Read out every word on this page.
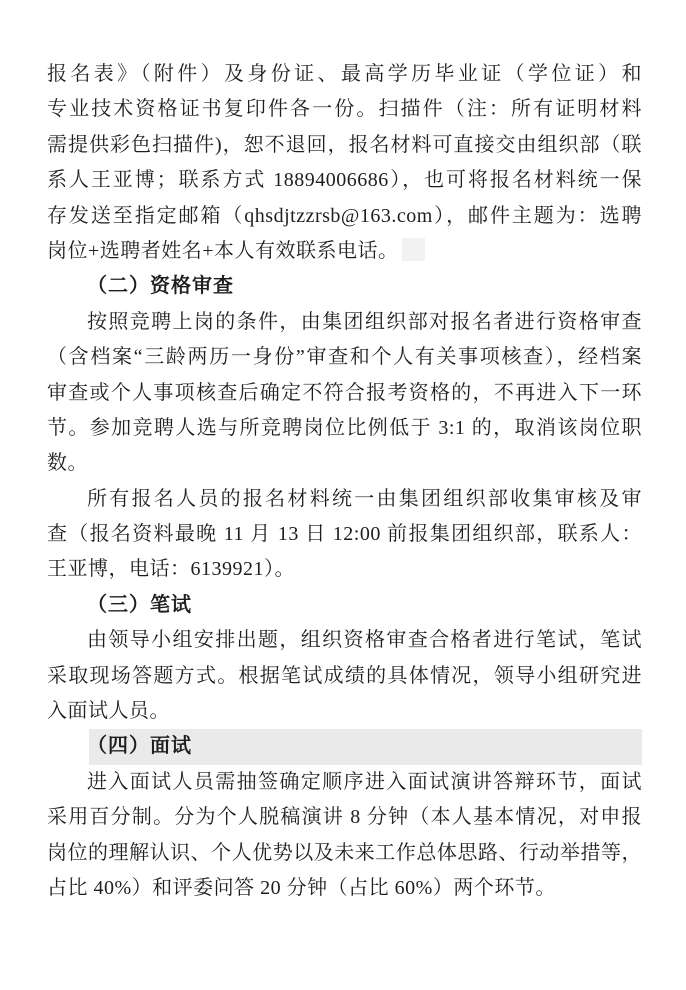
报名表》（附件）及身份证、最高学历毕业证（学位证）和
专业技术资格证书复印件各一份。扫描件（注：所有证明材料
需提供彩色扫描件)，恕不退回，报名材料可直接交由组织部（联
系人王亚博；联系方式 18894006686），也可将报名材料统一保
存发送至指定邮箱（qhsdjtzzrsb@163.com），邮件主题为：选聘
岗位+选聘者姓名+本人有效联系电话。
（二）资格审查
按照竞聘上岗的条件，由集团组织部对报名者进行资格审查
（含档案“三龄两历一身份”审查和个人有关事项核查），经档案
审查或个人事项核查后确定不符合报考资格的，不再进入下一环
节。参加竞聘人选与所竞聘岗位比例低于 3:1 的，取消该岗位职
数。
所有报名人员的报名材料统一由集团组织部收集审核及审
查（报名资料最晚 11 月 13 日 12:00 前报集团组织部，联系人：
王亚博，电话：6139921）。
（三）笔试
由领导小组安排出题，组织资格审查合格者进行笔试，笔试
采取现场答题方式。根据笔试成绩的具体情况，领导小组研究进
入面试人员。
（四）面试
进入面试人员需抽签确定顺序进入面试演讲答辩环节，面试
采用百分制。分为个人脱稿演讲 8 分钟（本人基本情况，对申报
岗位的理解认识、个人优势以及未来工作总体思路、行动举措等，
占比 40%）和评委问答 20 分钟（占比 60%）两个环节。
